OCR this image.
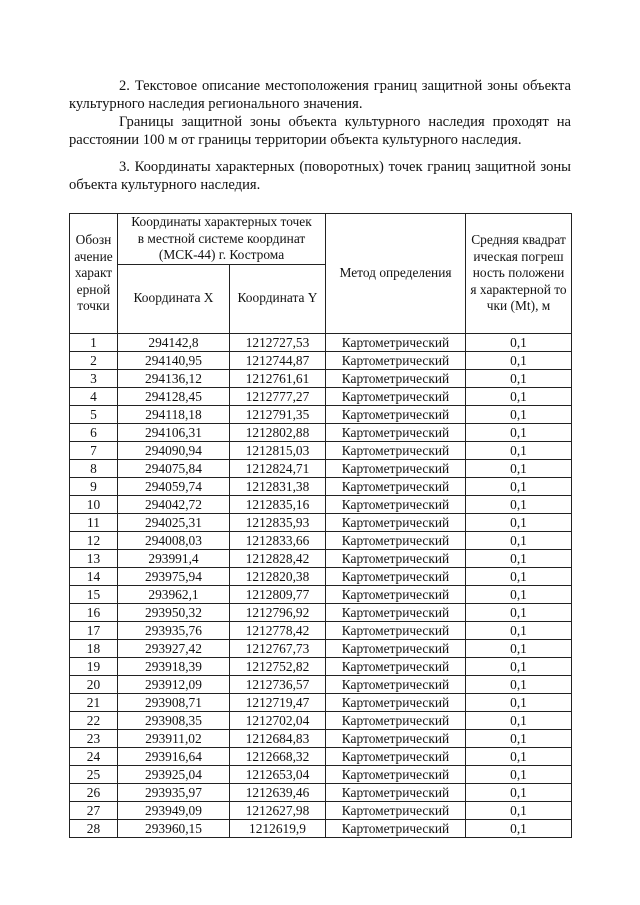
2. Текстовое описание местоположения границ защитной зоны объекта культурного наследия регионального значения.

Границы защитной зоны объекта культурного наследия проходят на расстоянии 100 м от границы территории объекта культурного наследия.

3. Координаты характерных (поворотных) точек границ защитной зоны объекта культурного наследия.

Обозначение характерной точки	Координаты характерных точек в местной системе координат (МСК-44) г. Кострома		Метод определения	Средняя квадратическая погрешность положения характерной точки (Mt), м
	Координата X	Координата Y		
1	294142,8	1212727,53	Картометрический	0,1
2	294140,95	1212744,87	Картометрический	0,1
3	294136,12	1212761,61	Картометрический	0,1
4	294128,45	1212777,27	Картометрический	0,1
5	294118,18	1212791,35	Картометрический	0,1
6	294106,31	1212802,88	Картометрический	0,1
7	294090,94	1212815,03	Картометрический	0,1
8	294075,84	1212824,71	Картометрический	0,1
9	294059,74	1212831,38	Картометрический	0,1
10	294042,72	1212835,16	Картометрический	0,1
11	294025,31	1212835,93	Картометрический	0,1
12	294008,03	1212833,66	Картометрический	0,1
13	293991,4	1212828,42	Картометрический	0,1
14	293975,94	1212820,38	Картометрический	0,1
15	293962,1	1212809,77	Картометрический	0,1
16	293950,32	1212796,92	Картометрический	0,1
17	293935,76	1212778,42	Картометрический	0,1
18	293927,42	1212767,73	Картометрический	0,1
19	293918,39	1212752,82	Картометрический	0,1
20	293912,09	1212736,57	Картометрический	0,1
21	293908,71	1212719,47	Картометрический	0,1
22	293908,35	1212702,04	Картометрический	0,1
23	293911,02	1212684,83	Картометрический	0,1
24	293916,64	1212668,32	Картометрический	0,1
25	293925,04	1212653,04	Картометрический	0,1
26	293935,97	1212639,46	Картометрический	0,1
27	293949,09	1212627,98	Картометрический	0,1
28	293960,15	1212619,9	Картометрический	0,1
